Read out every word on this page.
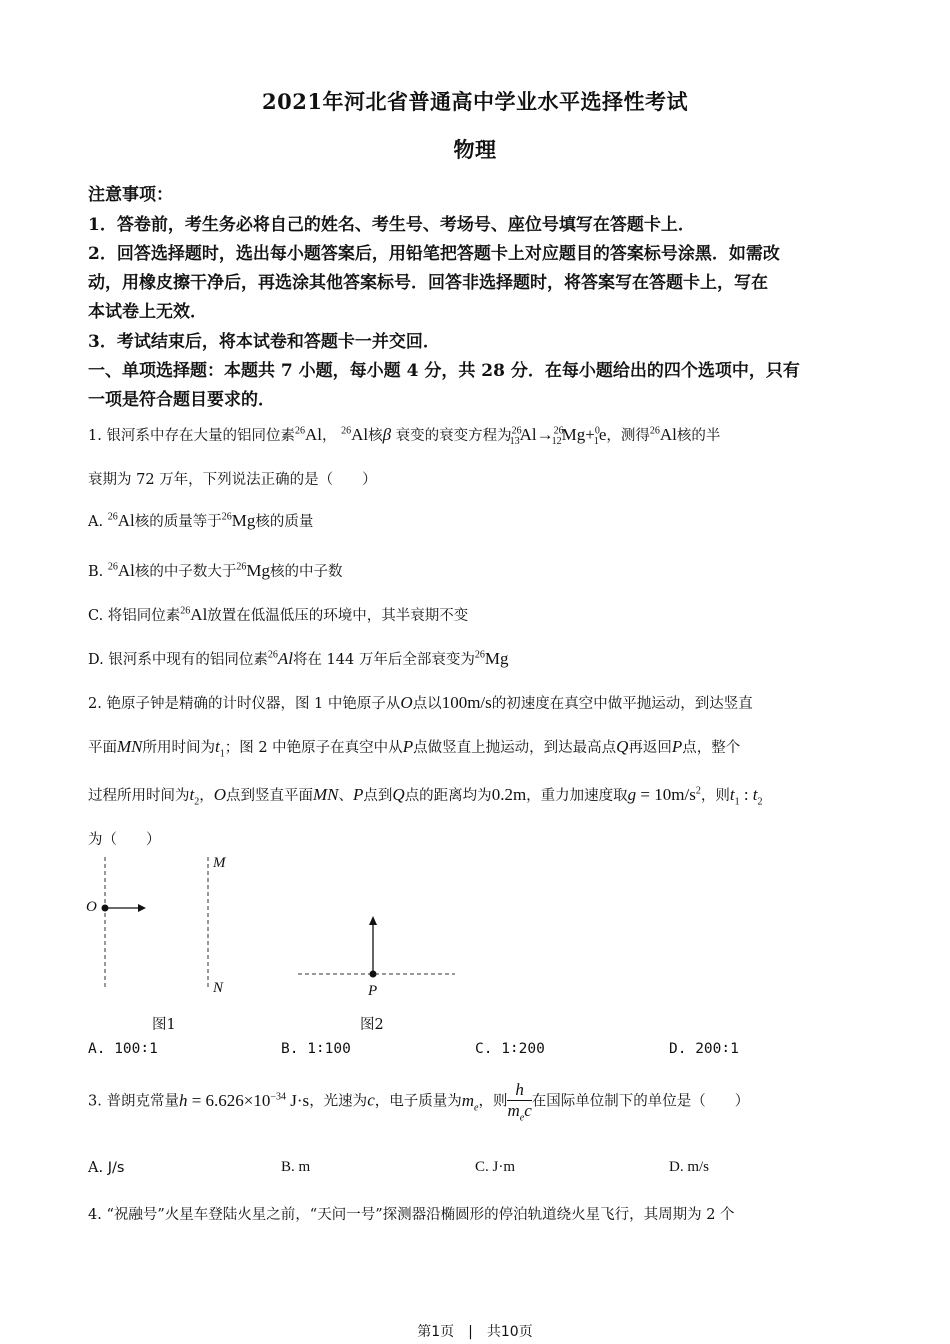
2021年河北省普通高中学业水平选择性考试
物理
注意事项：
1．答卷前，考生务必将自己的姓名、考生号、考场号、座位号填写在答题卡上．
2．回答选择题时，选出每小题答案后，用铅笔把答题卡上对应题目的答案标号涂黑．如需改
动，用橡皮擦干净后，再选涂其他答案标号．回答非选择题时，将答案写在答题卡上，写在
本试卷上无效．
3．考试结束后，将本试卷和答题卡一并交回．
一、单项选择题：本题共 7 小题，每小题 4 分，共 28 分．在每小题给出的四个选项中，只有
一项是符合题目要求的．
1. 银河系中存在大量的铝同位素$^{26}$Al， $^{26}$Al核β 衰变的衰变方程为$^{26}_{13}$Al→$^{26}_{12}$Mg+$^0_1$e，测得$^{26}$Al核的半
衰期为 72 万年，下列说法正确的是（　　）
A. $^{26}$Al核的质量等于$^{26}$Mg核的质量
B. $^{26}$Al核的中子数大于$^{26}$Mg核的中子数
C. 将铝同位素$^{26}$Al放置在低温低压的环境中，其半衰期不变
D. 银河系中现有的铝同位素$^{26}$Al将在 144 万年后全部衰变为$^{26}$Mg
2. 铯原子钟是精确的计时仪器，图 1 中铯原子从O点以100m/s的初速度在真空中做平抛运动，到达竖直
平面MN所用时间为$t_1$；图 2 中铯原子在真空中从P点做竖直上抛运动，到达最高点Q再返回P点，整个
过程所用时间为$t_2$，O点到竖直平面MN、P点到Q点的距离均为0.2m，重力加速度取$g = 10m/s^2$，则$t_1$ : $t_2$
为（　　）
O
M
N	P
图1	图2
A. 100∶1	B. 1∶100	C. 1∶200	D. 200∶1
3. 普朗克常量$h = 6.626\times 10^{-34}$ J·s，光速为c，电子质量为$m_e$，则 $\frac{h}{m_ec}$ 在国际单位制下的单位是（　　）
A. J/s	B. m	C. J·m	D. m/s
4. “祝融号”火星车登陆火星之前，“天问一号”探测器沿椭圆形的停泊轨道绕火星飞行，其周期为 2 个
第1页　|　共10页
